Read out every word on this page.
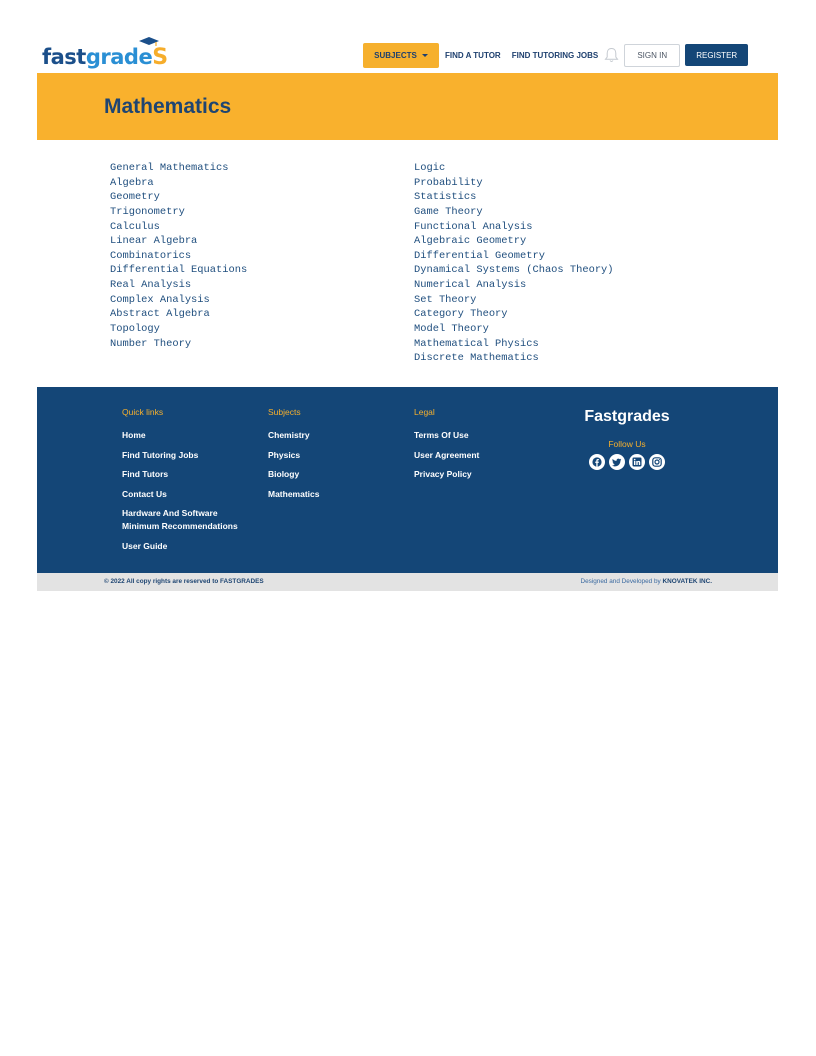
fastgradeS	SUBJECTS	FIND A TUTOR FIND TUTORING JOBS	SIGN IN	REGISTER
Mathematics
General Mathematics
Algebra
Geometry
Trigonometry
Calculus
Linear Algebra
Combinatorics
Differential Equations
Real Analysis
Complex Analysis
Abstract Algebra
Topology
Number Theory
Logic
Probability
Statistics
Game Theory
Functional Analysis
Algebraic Geometry
Differential Geometry
Dynamical Systems (Chaos Theory)
Numerical Analysis
Set Theory
Category Theory
Model Theory
Mathematical Physics
Discrete Mathematics
Quick links
Home
Find Tutoring Jobs
Find Tutors
Contact Us
Hardware And Software Minimum Recommendations
User Guide
Subjects
Chemistry
Physics
Biology
Mathematics
Legal
Terms Of Use
User Agreement
Privacy Policy
Fastgrades
Follow Us
© 2022 All copy rights are reserved to FASTGRADES	Designed and Developed by KNOVATEK INC.
